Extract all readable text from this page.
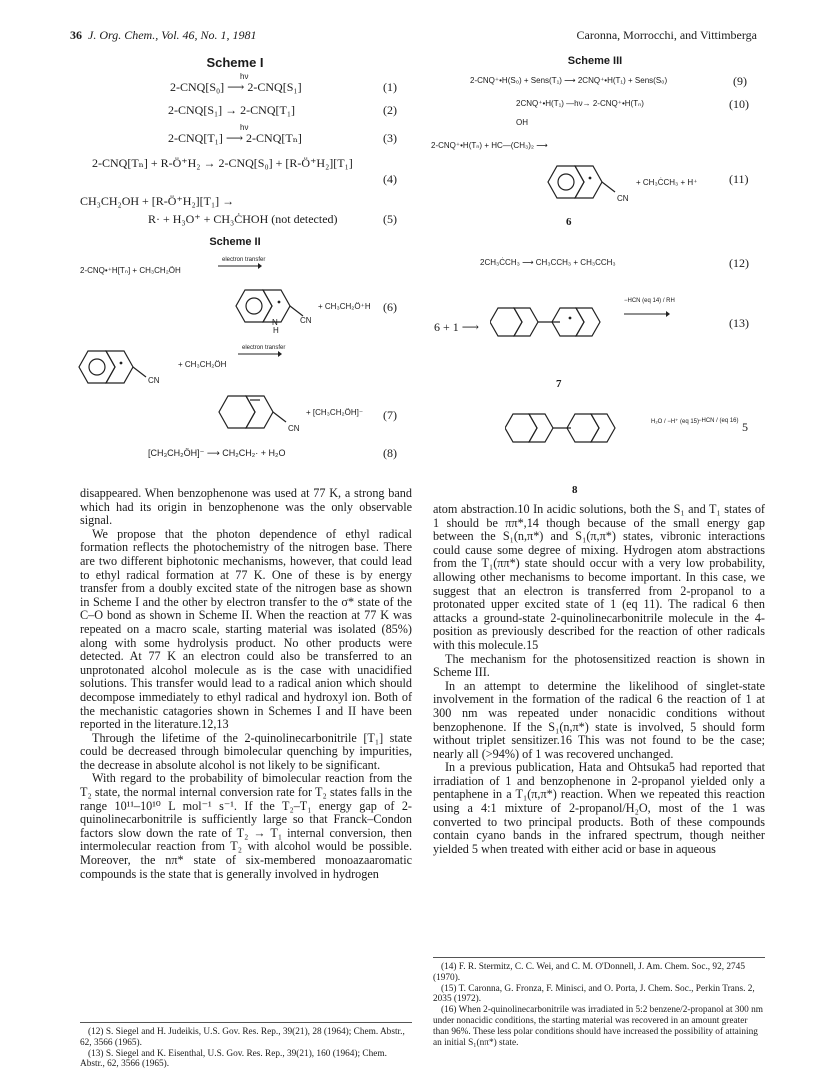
36 J. Org. Chem., Vol. 46, No. 1, 1981	Caronna, Morrocchi, and Vittimberga
Scheme I
hν
2-CNQ[S₀] ⟶ 2-CNQ[S₁]	(1)
2-CNQ[S₁] → 2-CNQ[T₁]	(2)
hν
2-CNQ[T₁] ⟶ 2-CNQ[Tₙ]	(3)
2-CNQ[Tₙ] + R-Ö⁺H₂ → 2-CNQ[S₀] + [R-Ö⁺H₂][T₁]
(4)
CH₃CH₂OH + [R-Ö⁺H₂][T₁] →
R· + H₃O⁺ + CH₃ĊHOH (not detected)	(5)
Scheme II
2-CNQ•⁺H[Tₙ] + CH₃CH₂ÖH
electron transfer
CN
N
H
+ CH₃CH₂Ö⁺H (6)
CN
+ CH₃CH₂ÖH
electron transfer
CN
+ [CH₃CH₂ÖH]⁻ (7)
[CH₃CH₂ÖH]⁻ ⟶ CH₂CH₂· + H₂O	(8)
Scheme III
2-CNQ⁺•H(S₀) + Sens(T₁) ⟶ 2CNQ⁺•H(T₁) + Sens(S₀)	(9)
2CNQ⁺•H(T₁) —hν→ 2-CNQ⁺•H(Tₙ)	(10)
OH
2-CNQ⁺•H(Tₙ) + HC—(CH₃)₂ ⟶
CN
+ CH₃ĊCH₃ + H⁺	(11)
6
2CH₃ĊCH₃ ⟶ CH₃CCH₃ + CH₃CCH₃	(12)
6 + 1 ⟶
−HCN (eq 14) / RH
(13)
7
H₂O / −H⁺ (eq 15)
−HCN / (eq 16) 5
8

disappeared. When benzophenone was used at 77 K, a strong band which had its origin in benzophenone was the only observable signal.

We propose that the photon dependence of ethyl radical formation reflects the photochemistry of the nitrogen base. There are two different biphotonic mechanisms, however, that could lead to ethyl radical formation at 77 K. One of these is by energy transfer from a doubly excited state of the nitrogen base as shown in Scheme I and the other by electron transfer to the σ* state of the C–O bond as shown in Scheme II. When the reaction at 77 K was repeated on a macro scale, starting material was isolated (85%) along with some hydrolysis product. No other products were detected. At 77 K an electron could also be transferred to an unprotonated alcohol molecule as is the case with unacidified solutions. This transfer would lead to a radical anion which should decompose immediately to ethyl radical and hydroxyl ion. Both of the mechanistic catagories shown in Schemes I and II have been reported in the literature.12,13

Through the lifetime of the 2-quinolinecarbonitrile [T₁] state could be decreased through bimolecular quenching by impurities, the decrease in absolute alcohol is not likely to be significant.

With regard to the probability of bimolecular reaction from the T₂ state, the normal internal conversion rate for T₂ states falls in the range 10¹¹–10¹⁰ L mol⁻¹ s⁻¹. If the T₂–T₁ energy gap of 2-quinolinecarbonitrile is sufficiently large so that Franck–Condon factors slow down the rate of T₂ → T₁ internal conversion, then intermolecular reaction from T₂ with alcohol would be possible. Moreover, the nπ* state of six-membered monoazaaromatic compounds is the state that is generally involved in hydrogen

atom abstraction.10 In acidic solutions, both the S₁ and T₁ states of 1 should be ππ*,14 though because of the small energy gap between the S₁(n,π*) and S₁(π,π*) states, vibronic interactions could cause some degree of mixing. Hydrogen atom abstractions from the T₁(ππ*) state should occur with a very low probability, allowing other mechanisms to become important. In this case, we suggest that an electron is transferred from 2-propanol to a protonated upper excited state of 1 (eq 11). The radical 6 then attacks a ground-state 2-quinolinecarbonitrile molecule in the 4-position as previously described for the reaction of other radicals with this molecule.15

The mechanism for the photosensitized reaction is shown in Scheme III.

In an attempt to determine the likelihood of singlet-state involvement in the formation of the radical 6 the reaction of 1 at 300 nm was repeated under nonacidic conditions without benzophenone. If the S₁(n,π*) state is involved, 5 should form without triplet sensitizer.16 This was not found to be the case; nearly all (>94%) of 1 was recovered unchanged.

In a previous publication, Hata and Ohtsuka5 had reported that irradiation of 1 and benzophenone in 2-propanol yielded only a pentaphene in a T₁(π,π*) reaction. When we repeated this reaction using a 4:1 mixture of 2-propanol/H₂O, most of the 1 was converted to two principal products. Both of these compounds contain cyano bands in the infrared spectrum, though neither yielded 5 when treated with either acid or base in aqueous

(12) S. Siegel and H. Judeikis, U.S. Gov. Res. Rep., 39(21), 28 (1964); Chem. Abstr., 62, 3566 (1965).

(13) S. Siegel and K. Eisenthal, U.S. Gov. Res. Rep., 39(21), 160 (1964); Chem. Abstr., 62, 3566 (1965).

(14) F. R. Stermitz, C. C. Wei, and C. M. O'Donnell, J. Am. Chem. Soc., 92, 2745 (1970).

(15) T. Caronna, G. Fronza, F. Minisci, and O. Porta, J. Chem. Soc., Perkin Trans. 2, 2035 (1972).

(16) When 2-quinolinecarbonitrile was irradiated in 5:2 benzene/2-propanol at 300 nm under nonacidic conditions, the starting material was recovered in an amount greater than 96%. These less polar conditions should have increased the possibility of attaining an initial S₁(nπ*) state.
